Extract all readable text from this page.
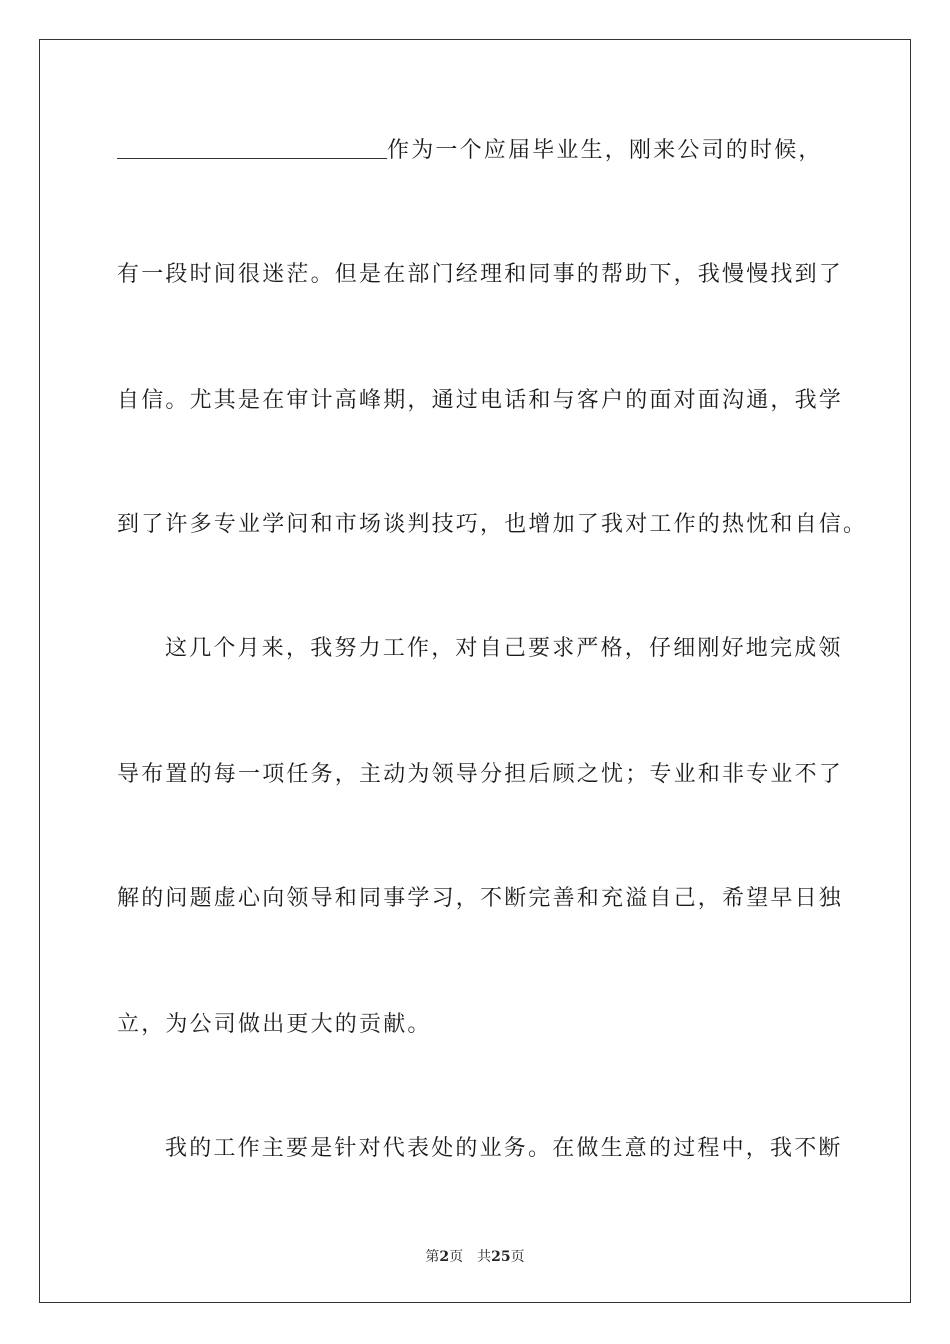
作为一个应届毕业生，刚来公司的时候，
有一段时间很迷茫。但是在部门经理和同事的帮助下，我慢慢找到了
自信。尤其是在审计高峰期，通过电话和与客户的面对面沟通，我学
到了许多专业学问和市场谈判技巧，也增加了我对工作的热忱和自信。
这几个月来，我努力工作，对自己要求严格，仔细刚好地完成领
导布置的每一项任务，主动为领导分担后顾之忧；专业和非专业不了
解的问题虚心向领导和同事学习，不断完善和充溢自己，希望早日独
立，为公司做出更大的贡献。
我的工作主要是针对代表处的业务。在做生意的过程中，我不断
第2页 共25页
